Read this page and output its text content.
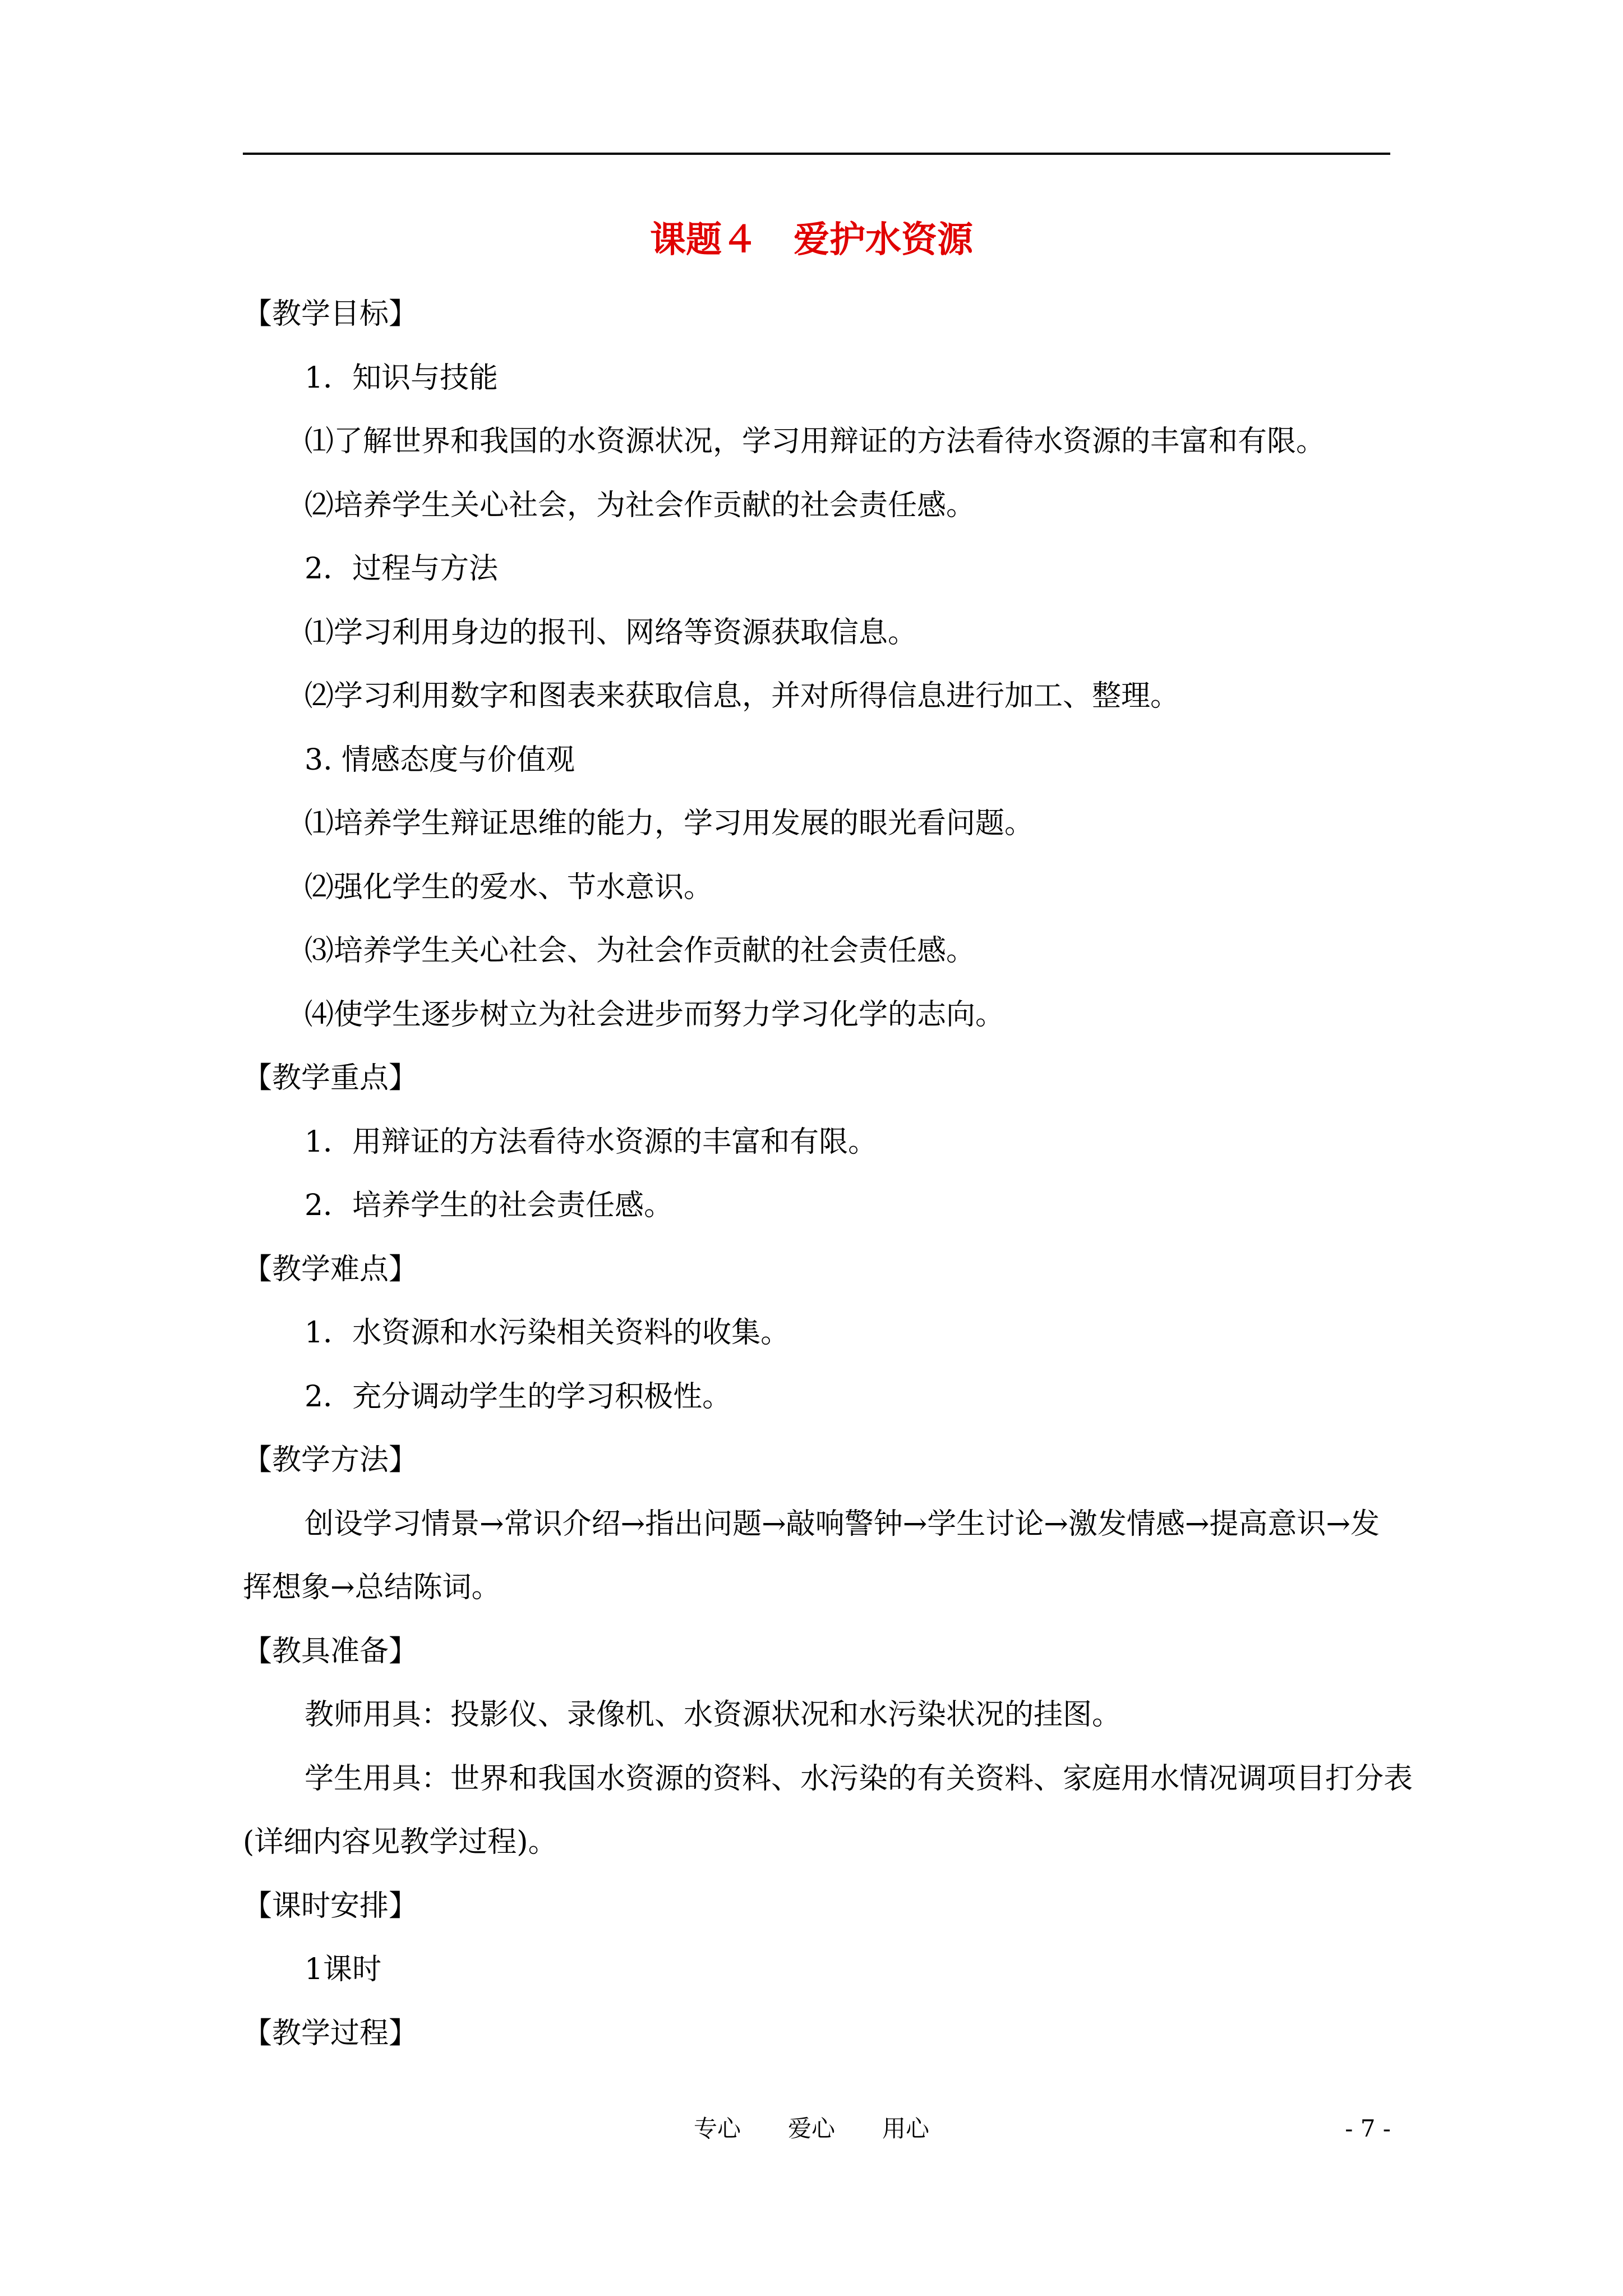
课题４　爱护水资源
【教学目标】
1．知识与技能
⑴了解世界和我国的水资源状况，学习用辩证的方法看待水资源的丰富和有限。
⑵培养学生关心社会，为社会作贡献的社会责任感。
2．过程与方法
⑴学习利用身边的报刊、网络等资源获取信息。
⑵学习利用数字和图表来获取信息，并对所得信息进行加工、整理。
3. 情感态度与价值观
⑴培养学生辩证思维的能力，学习用发展的眼光看问题。
⑵强化学生的爱水、节水意识。
⑶培养学生关心社会、为社会作贡献的社会责任感。
⑷使学生逐步树立为社会进步而努力学习化学的志向。
【教学重点】
1．用辩证的方法看待水资源的丰富和有限。
2．培养学生的社会责任感。
【教学难点】
1．水资源和水污染相关资料的收集。
2．充分调动学生的学习积极性。
【教学方法】
创设学习情景→常识介绍→指出问题→敲响警钟→学生讨论→激发情感→提高意识→发
挥想象→总结陈词。
【教具准备】
教师用具：投影仪、录像机、水资源状况和水污染状况的挂图。
学生用具：世界和我国水资源的资料、水污染的有关资料、家庭用水情况调项目打分表
(详细内容见教学过程)。
【课时安排】
1课时
【教学过程】
专心　　爱心　　用心	- 7 -
